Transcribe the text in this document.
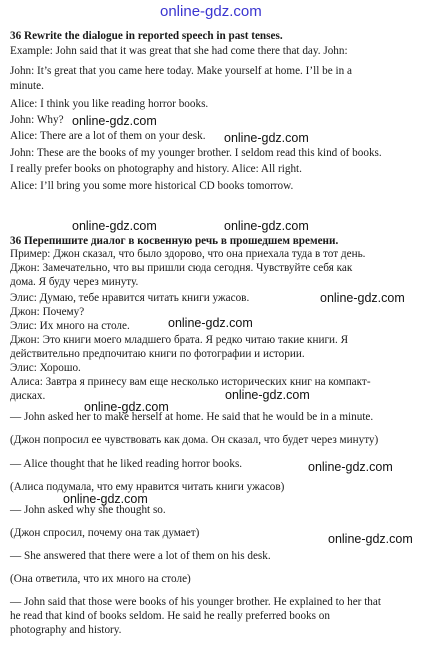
online-gdz.com
36 Rewrite the dialogue in reported speech in past tenses.
Example: John said that it was great that she had come there that day. John:
John: It’s great that you came here today. Make yourself at home. I’ll be in a
minute.
Alice: I think you like reading horror books.
John: Why?
Alice: There are a lot of them on your desk.
John: These are the books of my younger brother. I seldom read this kind of books.
I really prefer books on photography and history. Alice: All right.
Alice: I’ll bring you some more historical CD books tomorrow.
36 Перепишите диалог в косвенную речь в прошедшем времени.
Пример: Джон сказал, что было здорово, что она приехала туда в тот день.
Джон: Замечательно, что вы пришли сюда сегодня. Чувствуйте себя как
дома. Я буду через минуту.
Элис: Думаю, тебе нравится читать книги ужасов.
Джон: Почему?
Элис: Их много на столе.
Джон: Это книги моего младшего брата. Я редко читаю такие книги. Я
действительно предпочитаю книги по фотографии и истории.
Элис: Хорошо.
Алиса: Завтра я принесу вам еще несколько исторических книг на компакт-
дисках.
— John asked her to make herself at home. He said that he would be in a minute.
(Джон попросил ее чувствовать как дома. Он сказал, что будет через минуту)
— Alice thought that he liked reading horror books.
(Алиса подумала, что ему нравится читать книги ужасов)
— John asked why she thought so.
(Джон спросил, почему она так думает)
— She answered that there were a lot of them on his desk.
(Она ответила, что их много на столе)
— John said that those were books of his younger brother. He explained to her that
he read that kind of books seldom. He said he really preferred books on
photography and history.
online-gdz.com
online-gdz.com
online-gdz.com	online-gdz.com
online-gdz.com
online-gdz.com
online-gdz.com
online-gdz.com
online-gdz.com
online-gdz.com
online-gdz.com
